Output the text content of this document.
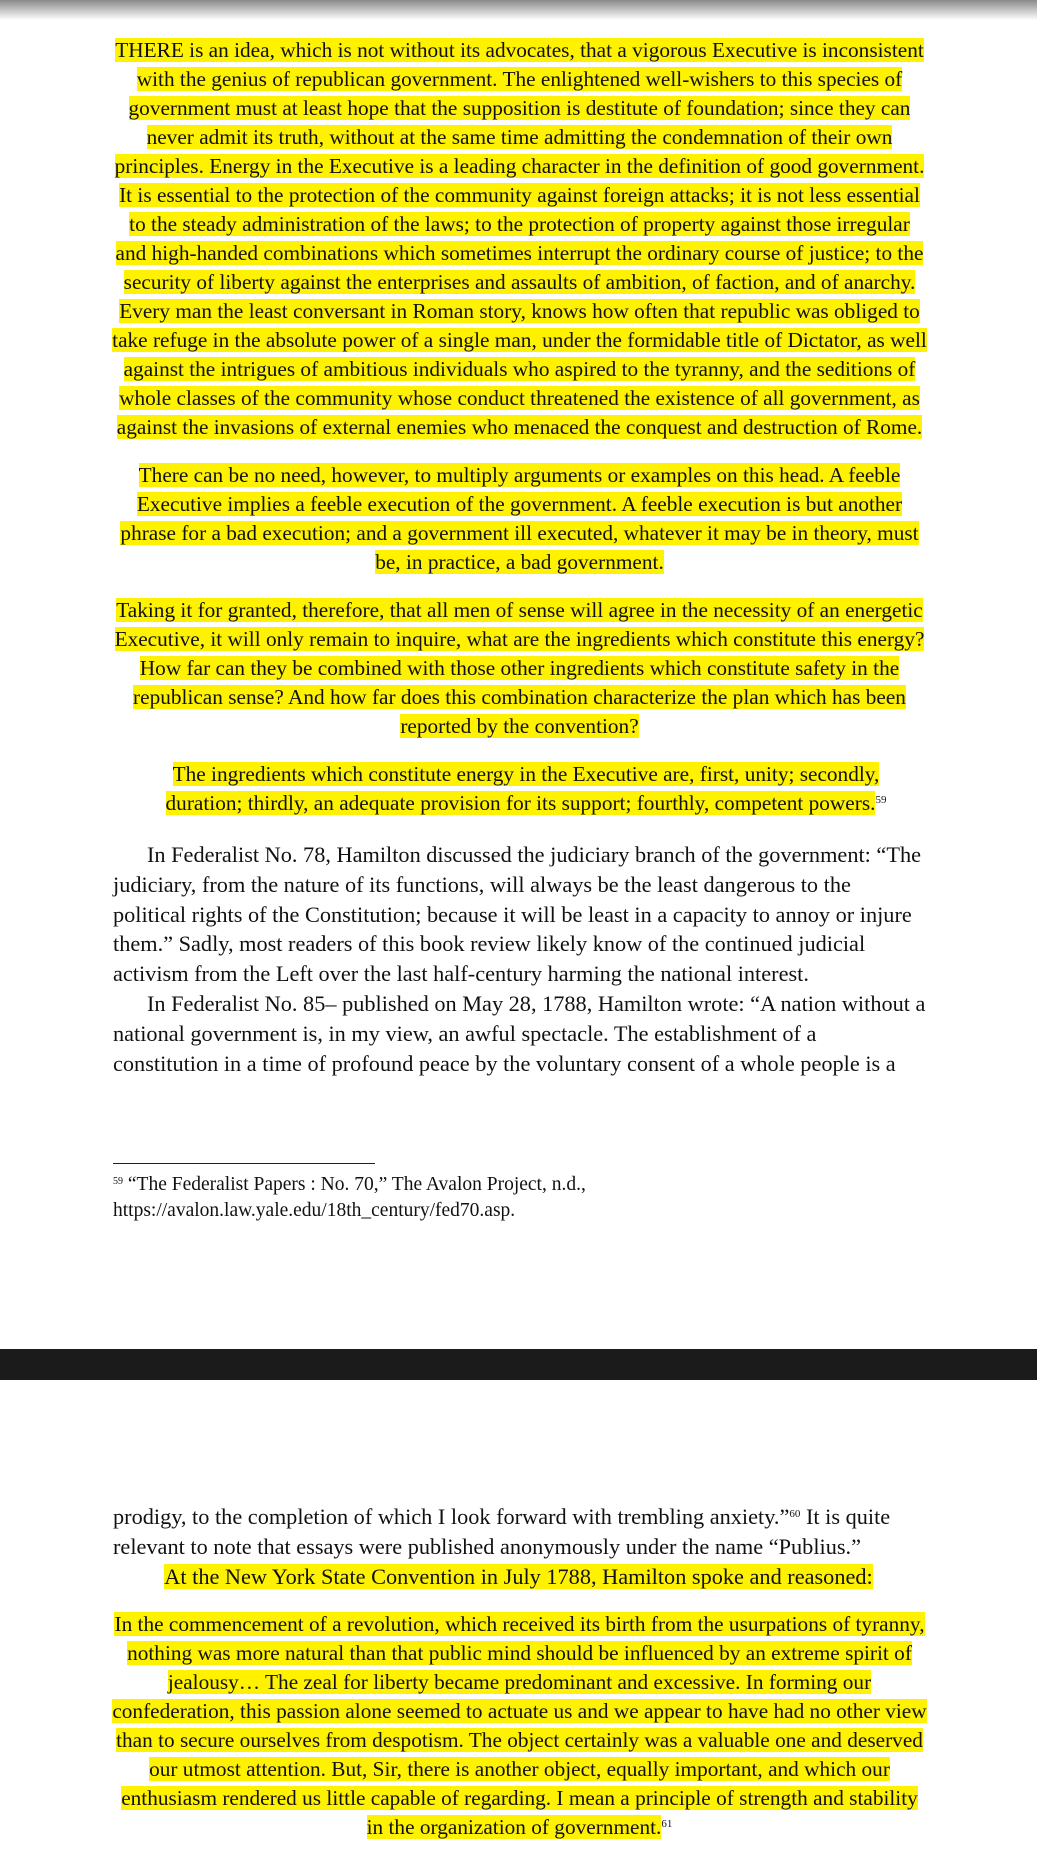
THERE is an idea, which is not without its advocates, that a vigorous Executive is inconsistent with the genius of republican government. The enlightened well-wishers to this species of government must at least hope that the supposition is destitute of foundation; since they can never admit its truth, without at the same time admitting the condemnation of their own principles. Energy in the Executive is a leading character in the definition of good government. It is essential to the protection of the community against foreign attacks; it is not less essential to the steady administration of the laws; to the protection of property against those irregular and high-handed combinations which sometimes interrupt the ordinary course of justice; to the security of liberty against the enterprises and assaults of ambition, of faction, and of anarchy. Every man the least conversant in Roman story, knows how often that republic was obliged to take refuge in the absolute power of a single man, under the formidable title of Dictator, as well against the intrigues of ambitious individuals who aspired to the tyranny, and the seditions of whole classes of the community whose conduct threatened the existence of all government, as against the invasions of external enemies who menaced the conquest and destruction of Rome.

There can be no need, however, to multiply arguments or examples on this head. A feeble Executive implies a feeble execution of the government. A feeble execution is but another phrase for a bad execution; and a government ill executed, whatever it may be in theory, must be, in practice, a bad government.

Taking it for granted, therefore, that all men of sense will agree in the necessity of an energetic Executive, it will only remain to inquire, what are the ingredients which constitute this energy? How far can they be combined with those other ingredients which constitute safety in the republican sense? And how far does this combination characterize the plan which has been reported by the convention?

The ingredients which constitute energy in the Executive are, first, unity; secondly, duration; thirdly, an adequate provision for its support; fourthly, competent powers.$^{59}$

In Federalist No. 78, Hamilton discussed the judiciary branch of the government: “The judiciary, from the nature of its functions, will always be the least dangerous to the political rights of the Constitution; because it will be least in a capacity to annoy or injure them.” Sadly, most readers of this book review likely know of the continued judicial activism from the Left over the last half-century harming the national interest.

In Federalist No. 85– published on May 28, 1788, Hamilton wrote: “A nation without a national government is, in my view, an awful spectacle. The establishment of a constitution in a time of profound peace by the voluntary consent of a whole people is a

$^{59}$ “The Federalist Papers : No. 70,” The Avalon Project, n.d.,
https://avalon.law.yale.edu/18th_century/fed70.asp.

prodigy, to the completion of which I look forward with trembling anxiety.”$^{60}$ It is quite relevant to note that essays were published anonymously under the name “Publius.”

At the New York State Convention in July 1788, Hamilton spoke and reasoned:

In the commencement of a revolution, which received its birth from the usurpations of tyranny, nothing was more natural than that public mind should be influenced by an extreme spirit of jealousy… The zeal for liberty became predominant and excessive. In forming our confederation, this passion alone seemed to actuate us and we appear to have had no other view than to secure ourselves from despotism. The object certainly was a valuable one and deserved our utmost attention. But, Sir, there is another object, equally important, and which our enthusiasm rendered us little capable of regarding. I mean a principle of strength and stability in the organization of government.$^{61}$
